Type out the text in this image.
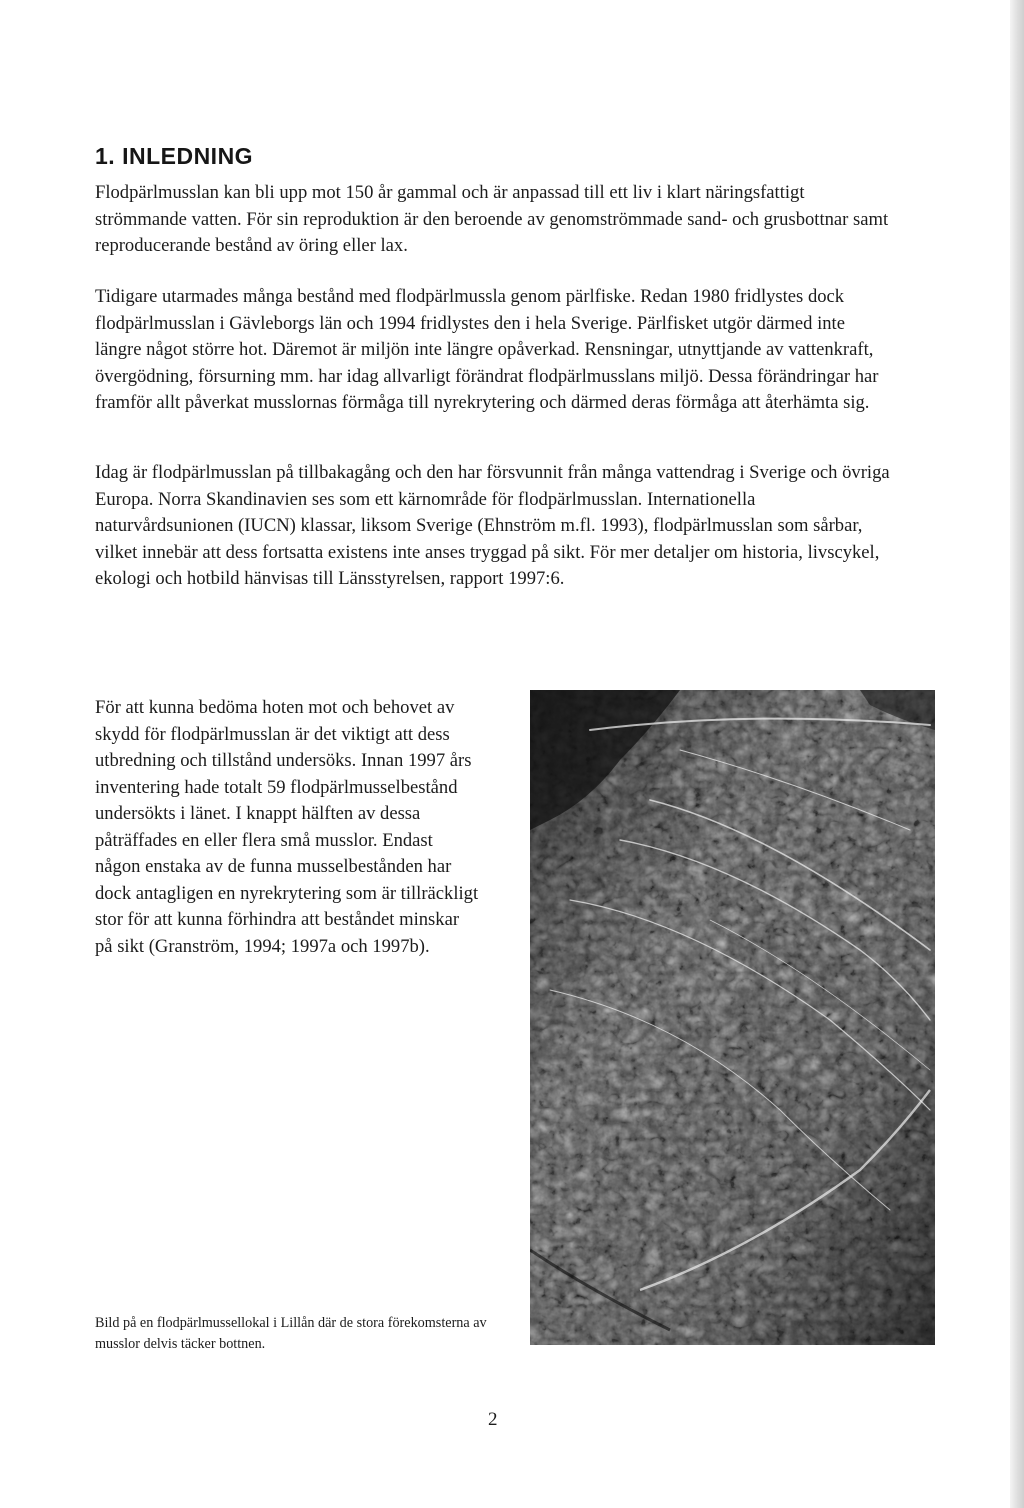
1. INLEDNING

Flodpärlmusslan kan bli upp mot 150 år gammal och är anpassad till ett liv i klart näringsfattigt strömmande vatten. För sin reproduktion är den beroende av genomströmmade sand- och grusbottnar samt reproducerande bestånd av öring eller lax.

Tidigare utarmades många bestånd med flodpärlmussla genom pärlfiske. Redan 1980 fridlystes dock flodpärlmusslan i Gävleborgs län och 1994 fridlystes den i hela Sverige. Pärlfisket utgör därmed inte längre något större hot. Däremot är miljön inte längre opåverkad. Rensningar, utnyttjande av vattenkraft, övergödning, försurning mm. har idag allvarligt förändrat flodpärlmusslans miljö. Dessa förändringar har framför allt påverkat musslornas förmåga till nyrekrytering och därmed deras förmåga att återhämta sig.

Idag är flodpärlmusslan på tillbakagång och den har försvunnit från många vattendrag i Sverige och övriga Europa. Norra Skandinavien ses som ett kärnområde för flodpärlmusslan. Internationella naturvårdsunionen (IUCN) klassar, liksom Sverige (Ehnström m.fl. 1993), flodpärlmusslan som sårbar, vilket innebär att dess fortsatta existens inte anses tryggad på sikt. För mer detaljer om historia, livscykel, ekologi och hotbild hänvisas till Länsstyrelsen, rapport 1997:6.

För att kunna bedöma hoten mot och behovet av skydd för flodpärlmusslan är det viktigt att dess utbredning och tillstånd undersöks. Innan 1997 års inventering hade totalt 59 flodpärlmusselbestånd undersökts i länet. I knappt hälften av dessa påträffades en eller flera små musslor. Endast någon enstaka av de funna musselbestånden har dock antagligen en nyrekrytering som är tillräckligt stor för att kunna förhindra att beståndet minskar på sikt (Granström, 1994; 1997a och 1997b).

Bild på en flodpärlmussellokal i Lillån där de stora förekomsterna av musslor delvis täcker bottnen.

2
